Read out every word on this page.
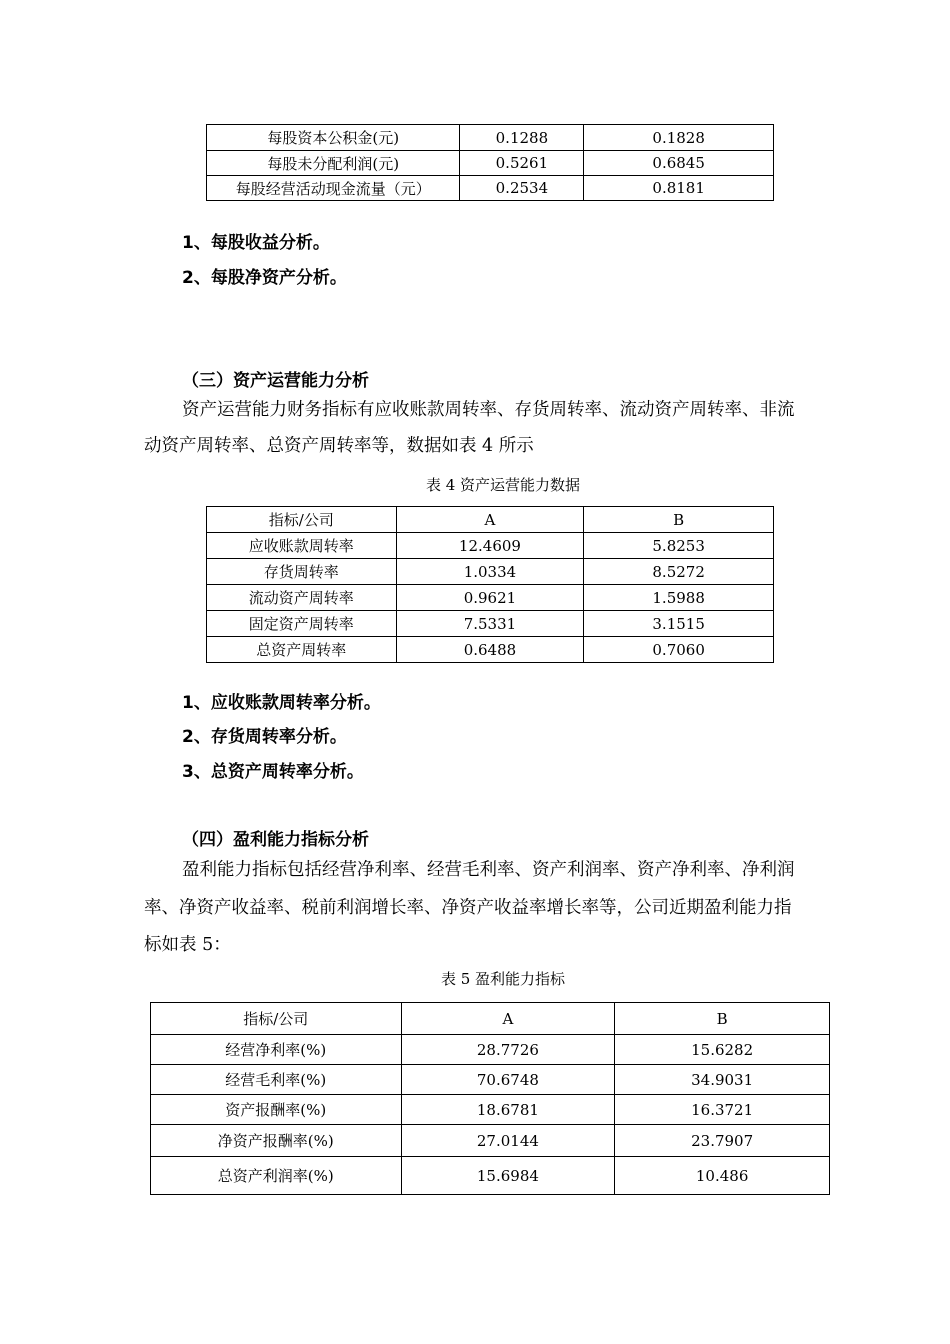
每股资本公积金(元)	0.1288	0.1828
每股未分配利润(元)	0.5261	0.6845
每股经营活动现金流量（元）	0.2534	0.8181
1、每股收益分析。
2、每股净资产分析。
（三）资产运营能力分析
资产运营能力财务指标有应收账款周转率、存货周转率、流动资产周转率、非流
动资产周转率、总资产周转率等，数据如表 4 所示
表 4 资产运营能力数据
指标/公司	A	B
应收账款周转率	12.4609	5.8253
存货周转率	1.0334	8.5272
流动资产周转率	0.9621	1.5988
固定资产周转率	7.5331	3.1515
总资产周转率	0.6488	0.7060
1、应收账款周转率分析。
2、存货周转率分析。
3、总资产周转率分析。
（四）盈利能力指标分析
盈利能力指标包括经营净利率、经营毛利率、资产利润率、资产净利率、净利润
率、净资产收益率、税前利润增长率、净资产收益率增长率等，公司近期盈利能力指
标如表 5：
表 5 盈利能力指标
指标/公司	A	B
经营净利率(%)	28.7726	15.6282
经营毛利率(%)	70.6748	34.9031
资产报酬率(%)	18.6781	16.3721
净资产报酬率(%)	27.0144	23.7907
总资产利润率(%)	15.6984	10.486
